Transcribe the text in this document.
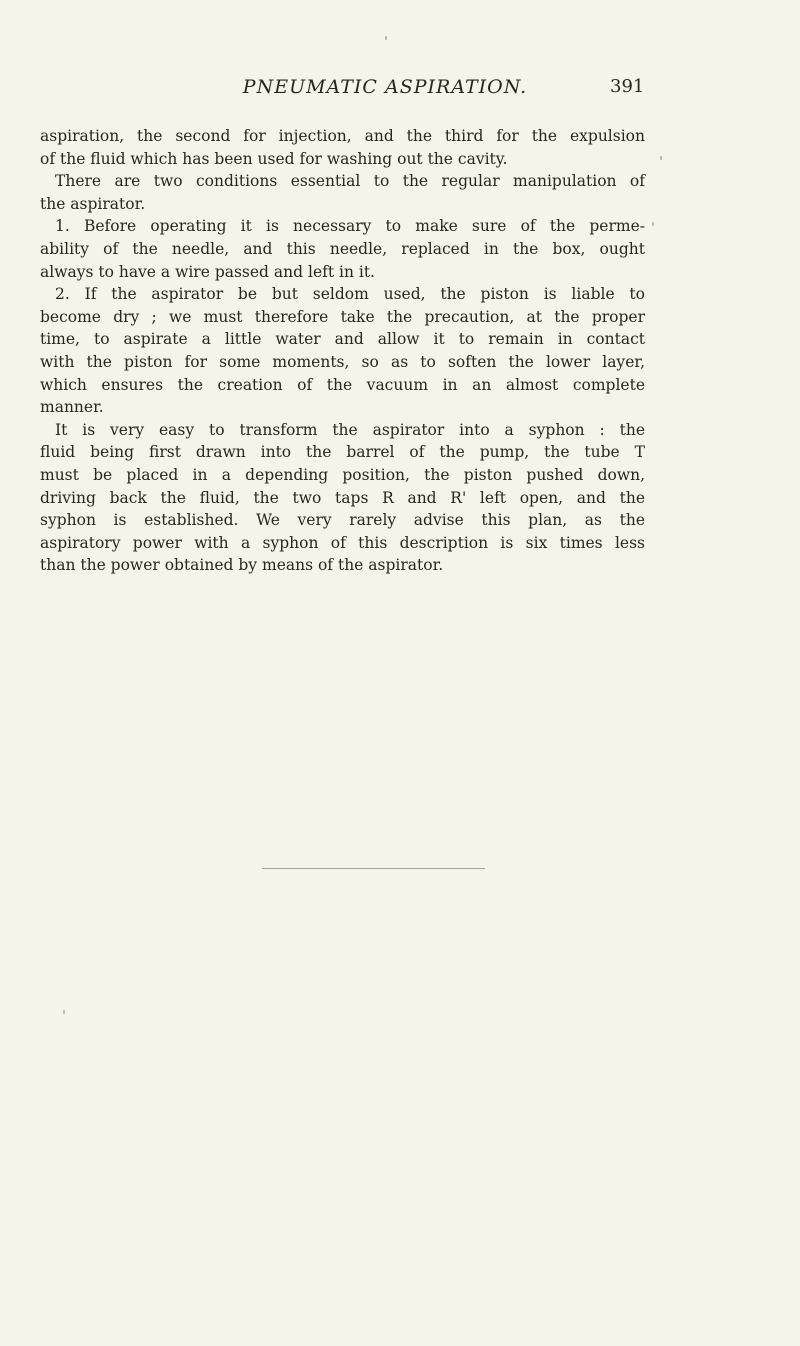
PNEUMATIC ASPIRATION.	391
aspiration, the second for injection, and the third for the expulsion
of the fluid which has been used for washing out the cavity.
There are two conditions essential to the regular manipulation of
the aspirator.
1. Before operating it is necessary to make sure of the perme-
ability of the needle, and this needle, replaced in the box, ought
always to have a wire passed and left in it.
2. If the aspirator be but seldom used, the piston is liable to
become dry ; we must therefore take the precaution, at the proper
time, to aspirate a little water and allow it to remain in contact
with the piston for some moments, so as to soften the lower layer,
which ensures the creation of the vacuum in an almost complete
manner.
It is very easy to transform the aspirator into a syphon : the
fluid being first drawn into the barrel of the pump, the tube T
must be placed in a depending position, the piston pushed down,
driving back the fluid, the two taps R and R' left open, and the
syphon is established. We very rarely advise this plan, as the
aspiratory power with a syphon of this description is six times less
than the power obtained by means of the aspirator.
